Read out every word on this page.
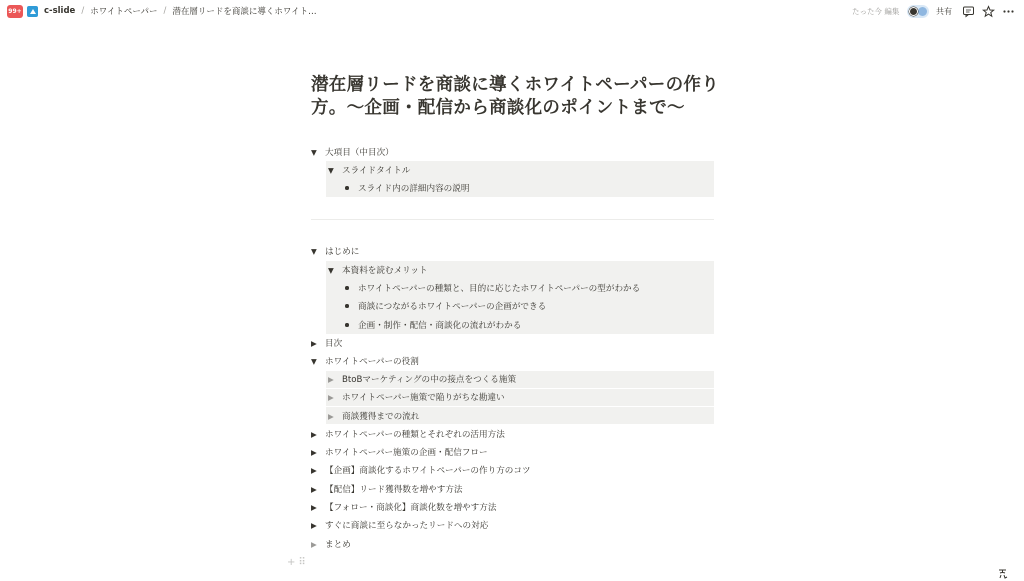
99+	c-slide / ホワイトペーパー / 潜在層リードを商談に導くホワイト…	たった今 編集	共有
潜在層リードを商談に導くホワイトペーパーの作り方。〜企画・配信から商談化のポイントまで〜
▼ 大項目（中目次）
▼ スライドタイトル
スライド内の詳細内容の説明
▼ はじめに
▼ 本資料を読むメリット
ホワイトペーパーの種類と、目的に応じたホワイトペーパーの型がわかる
商談につながるホワイトペーパーの企画ができる
企画・制作・配信・商談化の流れがわかる
▶ 目次
▼ ホワイトペーパーの役割
▶ BtoBマーケティングの中の接点をつくる施策
▶ ホワイトペーパー施策で陥りがちな勘違い
▶ 商談獲得までの流れ
▶ ホワイトペーパーの種類とそれぞれの活用方法
▶ ホワイトペーパー施策の企画・配信フロー
▶ 【企画】商談化するホワイトペーパーの作り方のコツ
▶ 【配信】リード獲得数を増やす方法
▶ 【フォロー・商談化】商談化数を増やす方法
▶ すぐに商談に至らなかったリードへの対応
▶ まとめ
+ ⠿
